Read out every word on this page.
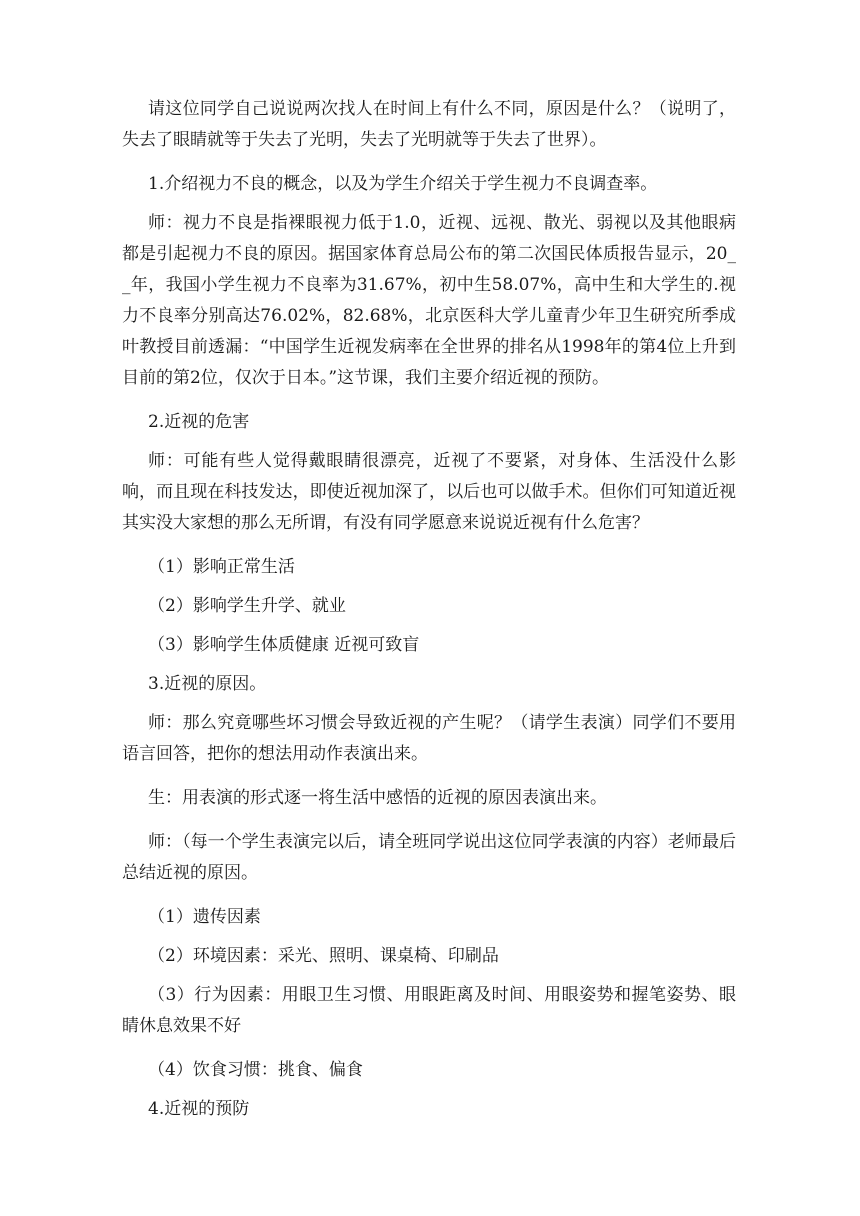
请这位同学自己说说两次找人在时间上有什么不同，原因是什么？（说明了，失去了眼睛就等于失去了光明，失去了光明就等于失去了世界）。

1.介绍视力不良的概念，以及为学生介绍关于学生视力不良调查率。

师：视力不良是指裸眼视力低于1.0，近视、远视、散光、弱视以及其他眼病都是引起视力不良的原因。据国家体育总局公布的第二次国民体质报告显示，20__年，我国小学生视力不良率为31.67%，初中生58.07%，高中生和大学生的.视力不良率分别高达76.02%，82.68%，北京医科大学儿童青少年卫生研究所季成叶教授目前透漏：“中国学生近视发病率在全世界的排名从1998年的第4位上升到目前的第2位，仅次于日本。”这节课，我们主要介绍近视的预防。

2.近视的危害

师：可能有些人觉得戴眼睛很漂亮，近视了不要紧，对身体、生活没什么影响，而且现在科技发达，即使近视加深了，以后也可以做手术。但你们可知道近视其实没大家想的那么无所谓，有没有同学愿意来说说近视有什么危害？

（1）影响正常生活

（2）影响学生升学、就业

（3）影响学生体质健康 近视可致盲

3.近视的原因。

师：那么究竟哪些坏习惯会导致近视的产生呢？（请学生表演）同学们不要用语言回答，把你的想法用动作表演出来。

生：用表演的形式逐一将生活中感悟的近视的原因表演出来。

师：（每一个学生表演完以后，请全班同学说出这位同学表演的内容）老师最后总结近视的原因。

（1）遗传因素

（2）环境因素：采光、照明、课桌椅、印刷品

（3）行为因素：用眼卫生习惯、用眼距离及时间、用眼姿势和握笔姿势、眼睛休息效果不好

（4）饮食习惯：挑食、偏食

4.近视的预防
